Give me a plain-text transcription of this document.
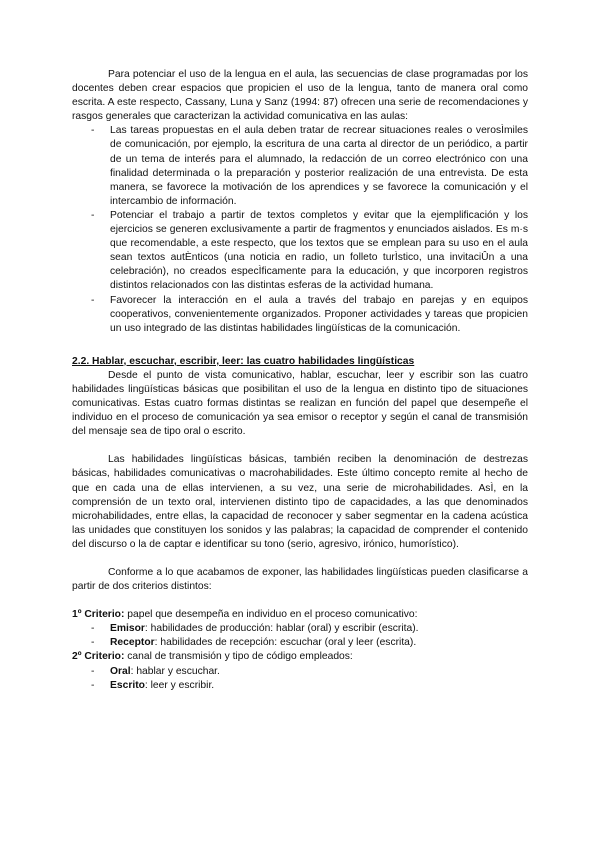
Para potenciar el uso de la lengua en el aula, las secuencias de clase programadas por los docentes deben crear espacios que propicien el uso de la lengua, tanto de manera oral como escrita. A este respecto, Cassany, Luna y Sanz (1994: 87) ofrecen una serie de recomendaciones y rasgos generales que caracterizan la actividad comunicativa en las aulas:

- Las tareas propuestas en el aula deben tratar de recrear situaciones reales o verosÌmiles de comunicación, por ejemplo, la escritura de una carta al director de un periódico, a partir de un tema de interés para el alumnado, la redacción de un correo electrónico con una finalidad determinada o la preparación y posterior realización de una entrevista. De esta manera, se favorece la motivación de los aprendices y se favorece la comunicación y el intercambio de información.
- Potenciar el trabajo a partir de textos completos y evitar que la ejemplificación y los ejercicios se generen exclusivamente a partir de fragmentos y enunciados aislados. Es m·s que recomendable, a este respecto, que los textos que se emplean para su uso en el aula sean textos autÈnticos (una noticia en radio, un folleto turÌstico, una invitaciÛn a una celebración), no creados especÌficamente para la educación, y que incorporen registros distintos relacionados con las distintas esferas de la actividad humana.
- Favorecer la interacción en el aula a través del trabajo en parejas y en equipos cooperativos, convenientemente organizados. Proponer actividades y tareas que propicien un uso integrado de las distintas habilidades lingüísticas de la comunicación.
2.2. Hablar, escuchar, escribir, leer: las cuatro habilidades lingüísticas

Desde el punto de vista comunicativo, hablar, escuchar, leer y escribir son las cuatro habilidades lingüísticas básicas que posibilitan el uso de la lengua en distinto tipo de situaciones comunicativas. Estas cuatro formas distintas se realizan en función del papel que desempeñe el individuo en el proceso de comunicación ya sea emisor o receptor y según el canal de transmisión del mensaje sea de tipo oral o escrito.

Las habilidades lingüísticas básicas, también reciben la denominación de destrezas básicas, habilidades comunicativas o macrohabilidades. Este último concepto remite al hecho de que en cada una de ellas intervienen, a su vez, una serie de microhabilidades. AsÌ, en la comprensión de un texto oral, intervienen distinto tipo de capacidades, a las que denominados microhabilidades, entre ellas, la capacidad de reconocer y saber segmentar en la cadena acústica las unidades que constituyen los sonidos y las palabras; la capacidad de comprender el contenido del discurso o la de captar e identificar su tono (serio, agresivo, irónico, humorístico).

Conforme a lo que acabamos de exponer, las habilidades lingüísticas pueden clasificarse a partir de dos criterios distintos:

1º Criterio: papel que desempeña en individuo en el proceso comunicativo:

- Emisor: habilidades de producción: hablar (oral) y escribir (escrita).
- Receptor: habilidades de recepción: escuchar (oral y leer (escrita).

2º Criterio: canal de transmisión y tipo de código empleados:

- Oral: hablar y escuchar.
- Escrito: leer y escribir.
